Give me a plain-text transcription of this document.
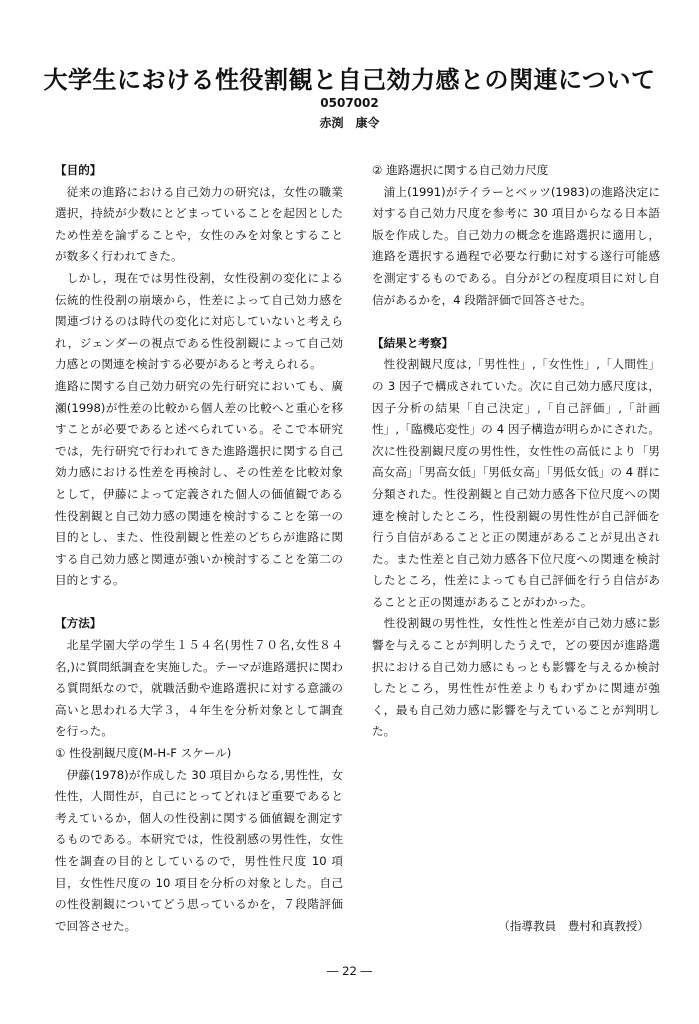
大学生における性役割観と自己効力感との関連について
0507002
赤渕　康令

【目的】

従来の進路における自己効力の研究は，女性の職業選択，持続が少数にとどまっていることを起因としたため性差を論ずることや，女性のみを対象とすることが数多く行われてきた。

しかし，現在では男性役割，女性役割の変化による伝統的性役割の崩壊から，性差によって自己効力感を関連づけるのは時代の変化に対応していないと考えられ，ジェンダーの視点である性役割観によって自己効力感との関連を検討する必要があると考えられる。

進路に関する自己効力研究の先行研究においても、廣瀬(1998)が性差の比較から個人差の比較へと重心を移すことが必要であると述べられている。そこで本研究では，先行研究で行われてきた進路選択に関する自己効力感における性差を再検討し、その性差を比較対象として，伊藤によって定義された個人の価値観である性役割観と自己効力感の関連を検討することを第一の目的とし、また、性役割観と性差のどちらが進路に関する自己効力感と関連が強いか検討することを第二の目的とする。

【方法】

北星学園大学の学生１５４名(男性７０名,女性８４名,)に質問紙調査を実施した。テーマが進路選択に関わる質問紙なので，就職活動や進路選択に対する意識の高いと思われる大学３，４年生を分析対象として調査を行った。

① 性役割観尺度(M-H-F スケール)

伊藤(1978)が作成した 30 項目からなる,男性性，女性性，人間性が，自己にとってどれほど重要であると考えているか，個人の性役割に関する価値観を測定するものである。本研究では，性役割感の男性性，女性性を調査の目的としているので，男性性尺度 10 項目，女性性尺度の 10 項目を分析の対象とした。自己の性役割観についてどう思っているかを，７段階評価で回答させた。

② 進路選択に関する自己効力尺度

浦上(1991)がテイラーとベッツ(1983)の進路決定に対する自己効力尺度を参考に 30 項目からなる日本語版を作成した。自己効力の概念を進路選択に適用し，進路を選択する過程で必要な行動に対する遂行可能感を測定するものである。自分がどの程度項目に対し自信があるかを，4 段階評価で回答させた。

【結果と考察】

性役割観尺度は,「男性性」,「女性性」,「人間性」の 3 因子で構成されていた。次に自己効力感尺度は，因子分析の結果「自己決定」,「自己評価」,「計画性」,「臨機応変性」の 4 因子構造が明らかにされた。次に性役割観尺度の男性性，女性性の高低により「男高女高」｢男高女低｣「男低女高」｢男低女低」の 4 群に分類された。性役割観と自己効力感各下位尺度への関連を検討したところ，性役割観の男性性が自己評価を行う自信があることと正の関連があることが見出された。また性差と自己効力感各下位尺度への関連を検討したところ，性差によっても自己評価を行う自信があることと正の関連があることがわかった。

性役割観の男性性，女性性と性差が自己効力感に影響を与えることが判明したうえで，どの要因が進路選択における自己効力感にもっとも影響を与えるか検討したところ，男性性が性差よりもわずかに関連が強く，最も自己効力感に影響を与えていることが判明した。

（指導教員　豊村和真教授）
― 22 ―
